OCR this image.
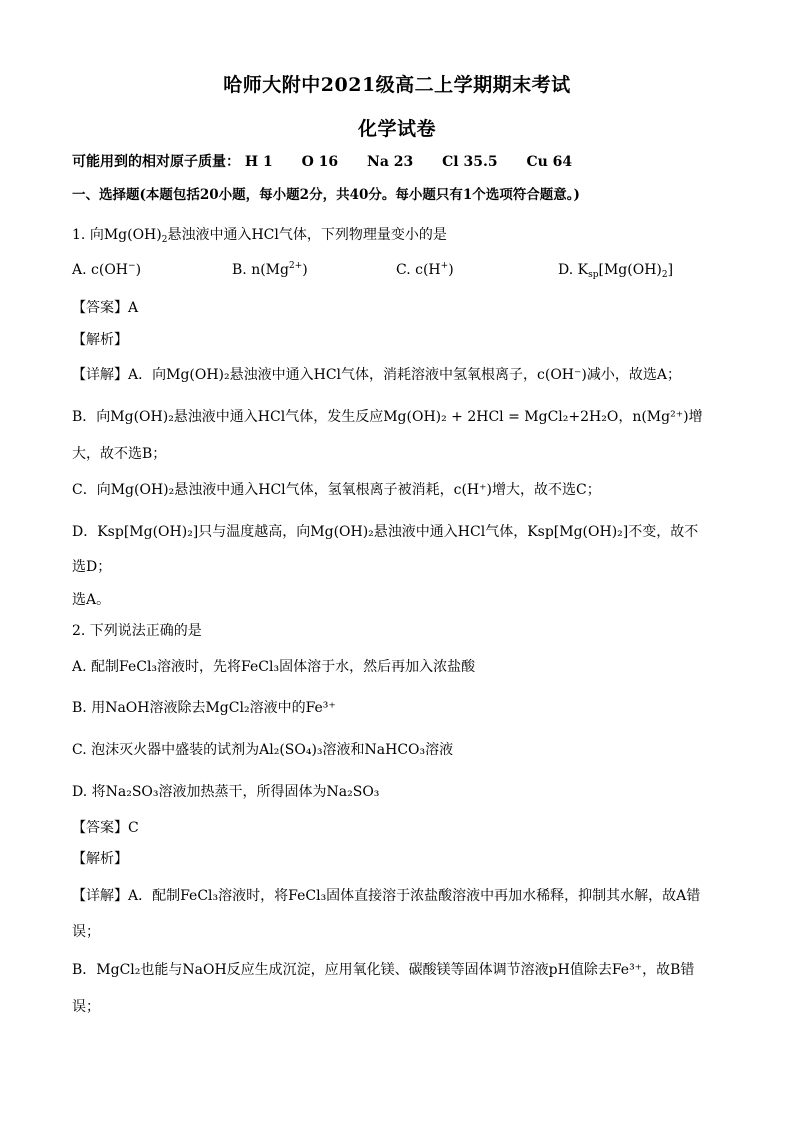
哈师大附中2021级高二上学期期末考试
化学试卷
可能用到的相对原子质量： H 1 O 16 Na 23 Cl 35.5 Cu 64
一、选择题(本题包括20小题，每小题2分，共40分。每小题只有1个选项符合题意。)
1. 向$Mg(OH)_2$悬浊液中通入HCl气体，下列物理量变小的是
A. c(OH−)	B. $n(Mg^{2+})$	C. c(H+)	D. $K_{sp}[Mg(OH)_2]$
【答案】A
【解析】
【详解】A．向Mg(OH)₂悬浊液中通入HCl气体，消耗溶液中氢氧根离子，c(OH⁻)减小，故选A；
B．向Mg(OH)₂悬浊液中通入HCl气体，发生反应Mg(OH)₂ + 2HCl = MgCl₂+2H₂O，n(Mg²⁺)增
大，故不选B；
C．向Mg(OH)₂悬浊液中通入HCl气体，氢氧根离子被消耗，c(H⁺)增大，故不选C；
D．Ksp[Mg(OH)₂]只与温度越高，向Mg(OH)₂悬浊液中通入HCl气体，Ksp[Mg(OH)₂]不变，故不
选D；
选A。
2. 下列说法正确的是
A. 配制FeCl₃溶液时，先将FeCl₃固体溶于水，然后再加入浓盐酸
B. 用NaOH溶液除去MgCl₂溶液中的Fe³⁺
C. 泡沫灭火器中盛装的试剂为Al₂(SO₄)₃溶液和NaHCO₃溶液
D. 将Na₂SO₃溶液加热蒸干，所得固体为Na₂SO₃
【答案】C
【解析】
【详解】A．配制FeCl₃溶液时，将FeCl₃固体直接溶于浓盐酸溶液中再加水稀释，抑制其水解，故A错
误；
B．MgCl₂也能与NaOH反应生成沉淀，应用氧化镁、碳酸镁等固体调节溶液pH值除去Fe³⁺，故B错
误；
